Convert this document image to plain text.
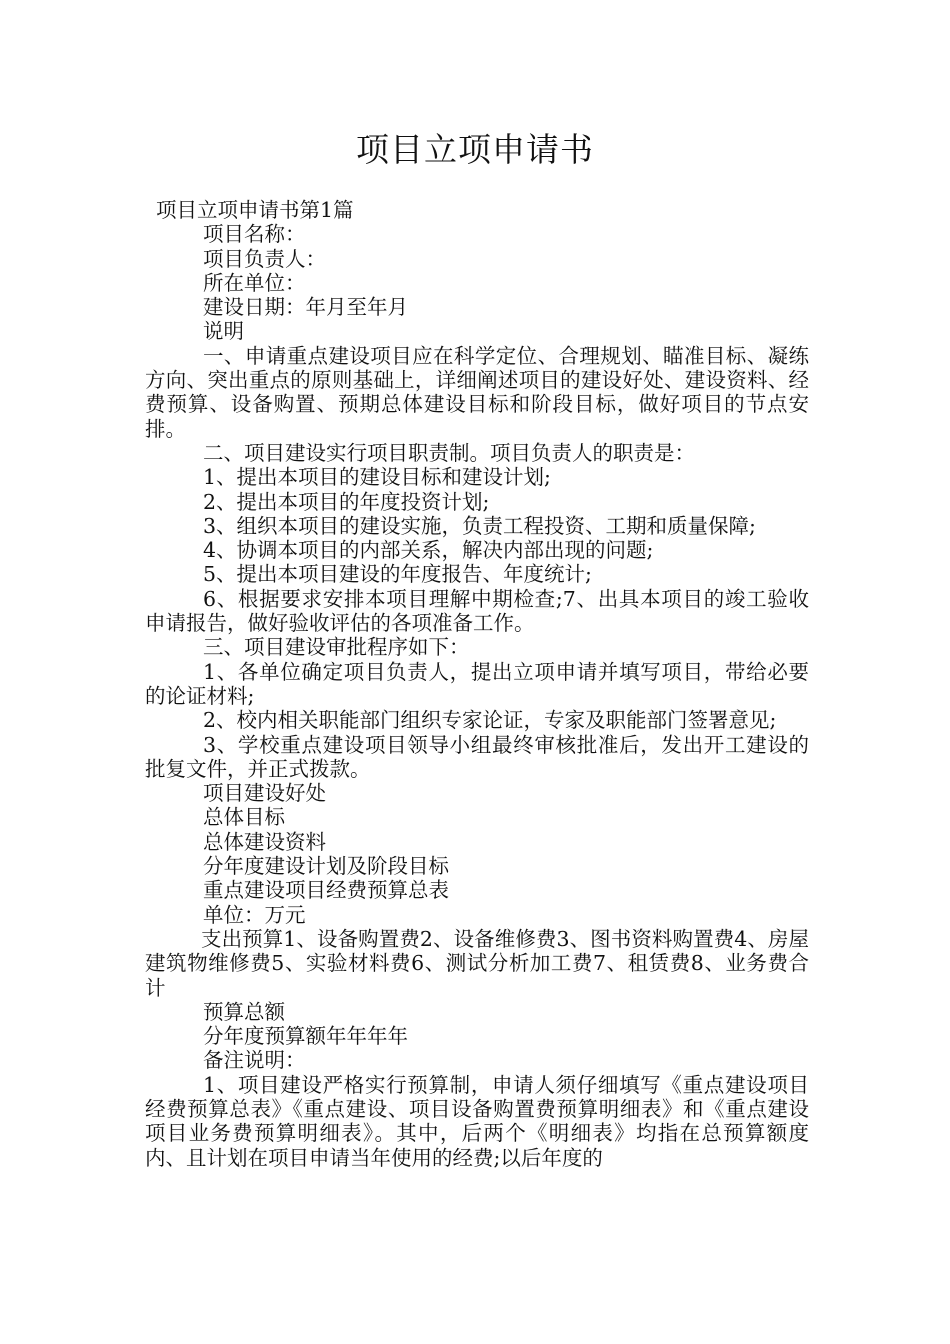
项目立项申请书

项目立项申请书第1篇

项目名称：

项目负责人：

所在单位：

建设日期：年月至年月

说明

一、申请重点建设项目应在科学定位、合理规划、瞄准目标、凝练方向、突出重点的原则基础上，详细阐述项目的建设好处、建设资料、经费预算、设备购置、预期总体建设目标和阶段目标，做好项目的节点安排。

二、项目建设实行项目职责制。项目负责人的职责是：

1、提出本项目的建设目标和建设计划;

2、提出本项目的年度投资计划;

3、组织本项目的建设实施，负责工程投资、工期和质量保障;

4、协调本项目的内部关系，解决内部出现的问题;

5、提出本项目建设的年度报告、年度统计;

6、根据要求安排本项目理解中期检查;7、出具本项目的竣工验收申请报告，做好验收评估的各项准备工作。

三、项目建设审批程序如下：

1、各单位确定项目负责人，提出立项申请并填写项目，带给必要的论证材料;

2、校内相关职能部门组织专家论证，专家及职能部门签署意见;

3、学校重点建设项目领导小组最终审核批准后，发出开工建设的批复文件，并正式拨款。

项目建设好处

总体目标

总体建设资料

分年度建设计划及阶段目标

重点建设项目经费预算总表

单位：万元

支出预算1、设备购置费2、设备维修费3、图书资料购置费4、房屋建筑物维修费5、实验材料费6、测试分析加工费7、租赁费8、业务费合计

预算总额

分年度预算额年年年年

备注说明：

1、项目建设严格实行预算制，申请人须仔细填写《重点建设项目经费预算总表》《重点建设、项目设备购置费预算明细表》和《重点建设项目业务费预算明细表》。其中，后两个《明细表》均指在总预算额度内、且计划在项目申请当年使用的经费;以后年度的
